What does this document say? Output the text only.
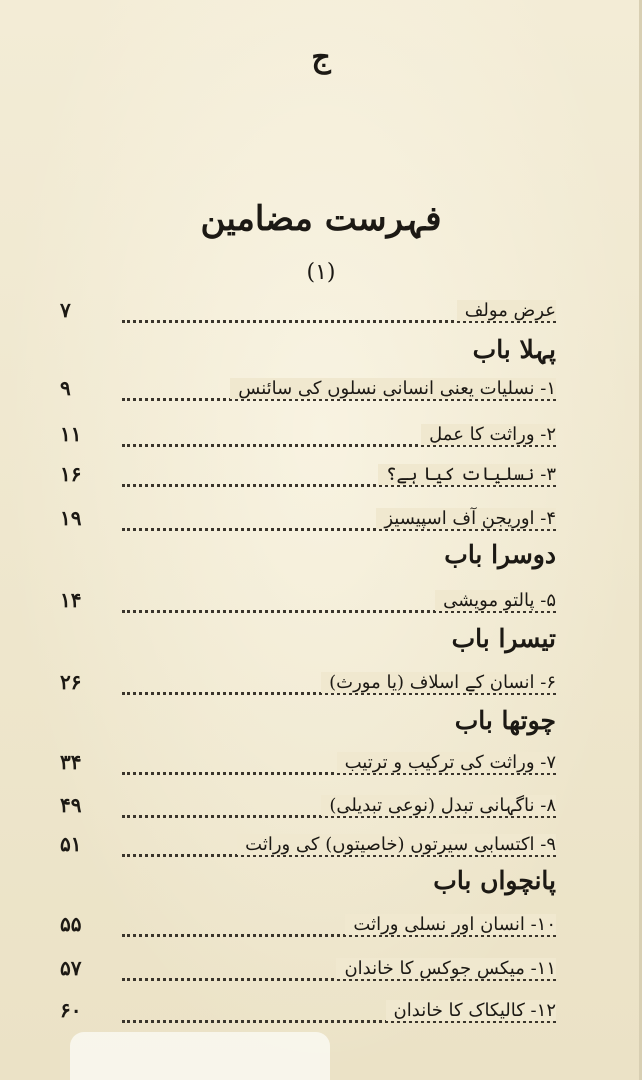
ج
فہرست مضامین
(۱)
عرض مولف
۷
پہلا باب
۱- نسلیات یعنی انسانی نسلوں کی سائنس
۹
۲- وراثت کا عمل
۱۱
۳- نسلیات کیا ہے؟
۱۶
۴- اوریجن آف اسپیسیز
۱۹
دوسرا باب
۵- پالتو مویشی
۱۴
تیسرا باب
۶- انسان کے اسلاف (یا مورث)
۲۶
چوتھا باب
۷- وراثت کی ترکیب و ترتیب
۳۴
۸- ناگہانی تبدل (نوعی تبدیلی)
۴۹
۹- اکتسابی سیرتوں (خاصیتوں) کی وراثت
۵۱
پانچواں باب
۱۰- انسان اور نسلی وراثت
۵۵
۱۱- میکس جوکس کا خاندان
۵۷
۱۲- کالیکاک کا خاندان
۶۰
